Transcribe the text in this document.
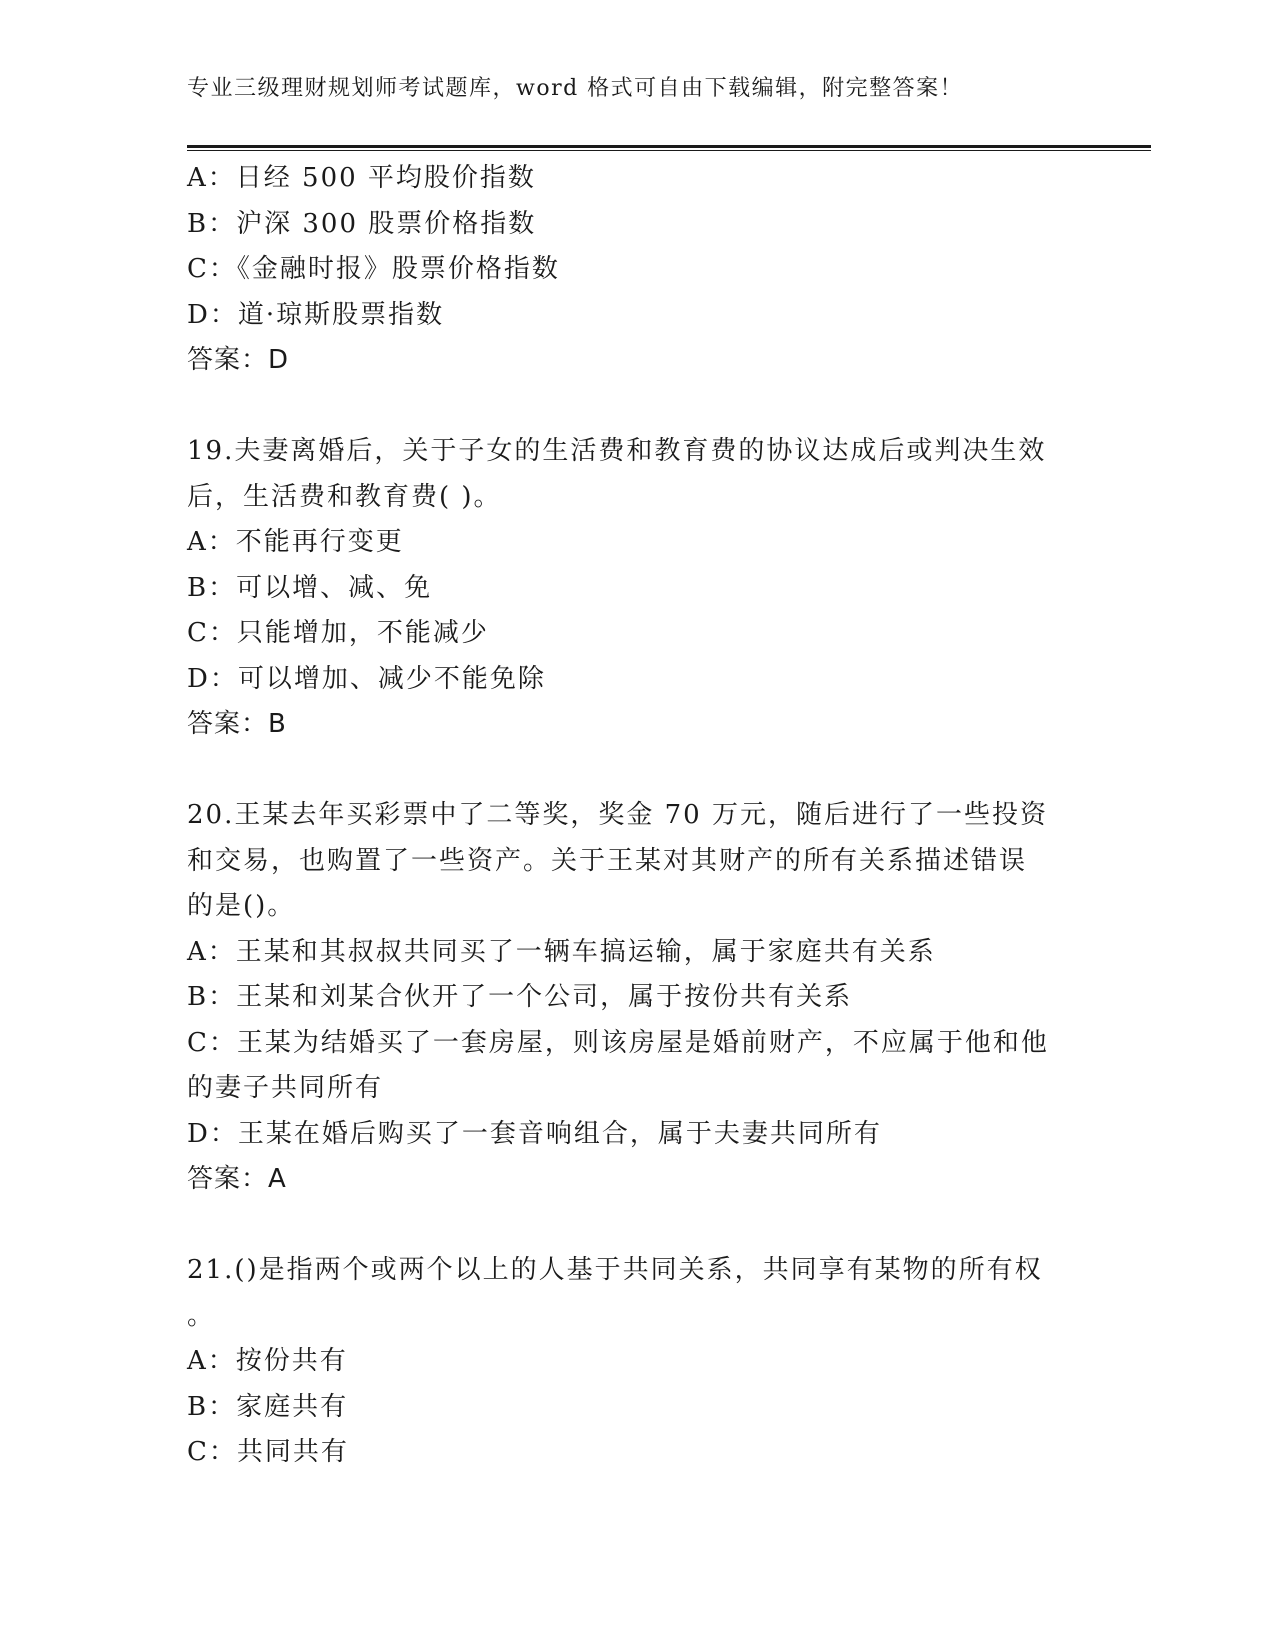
专业三级理财规划师考试题库，word 格式可自由下载编辑，附完整答案！
A：日经 500 平均股价指数
B：沪深 300 股票价格指数
C：《金融时报》股票价格指数
D：道·琼斯股票指数
答案：D
19.夫妻离婚后，关于子女的生活费和教育费的协议达成后或判决生效
后，生活费和教育费( )。
A：不能再行变更
B：可以增、减、免
C：只能增加，不能减少
D：可以增加、减少不能免除
答案：B
20.王某去年买彩票中了二等奖，奖金 70 万元，随后进行了一些投资
和交易，也购置了一些资产。关于王某对其财产的所有关系描述错误
的是()。
A：王某和其叔叔共同买了一辆车搞运输，属于家庭共有关系
B：王某和刘某合伙开了一个公司，属于按份共有关系
C：王某为结婚买了一套房屋，则该房屋是婚前财产，不应属于他和他
的妻子共同所有
D：王某在婚后购买了一套音响组合，属于夫妻共同所有
答案：A
21.()是指两个或两个以上的人基于共同关系，共同享有某物的所有权
。
A：按份共有
B：家庭共有
C：共同共有
